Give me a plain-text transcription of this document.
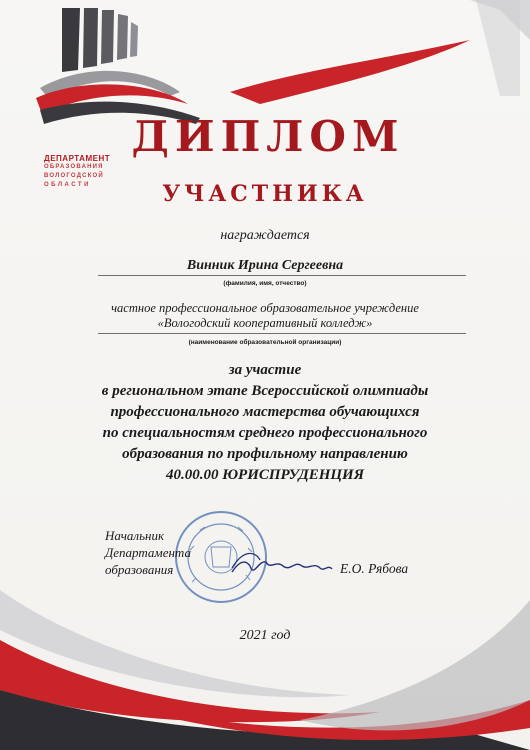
ДЕПАРТАМЕНТ
ОБРАЗОВАНИЯ
ВОЛОГОДСКОЙ
ОБЛАСТИ
ДИПЛОМ
УЧАСТНИКА
награждается
Винник Ирина Сергеевна
(фамилия, имя, отчество)
частное профессиональное образовательное учреждение
«Вологодский кооперативный колледж»
(наименование образовательной организации)
за участие
в региональном этапе Всероссийской олимпиады
профессионального мастерства обучающихся
по специальностям среднего профессионального
образования по профильному направлению
40.00.00 ЮРИСПРУДЕНЦИЯ
Начальник
Департамента
образования	Е.О. Рябова
2021 год
